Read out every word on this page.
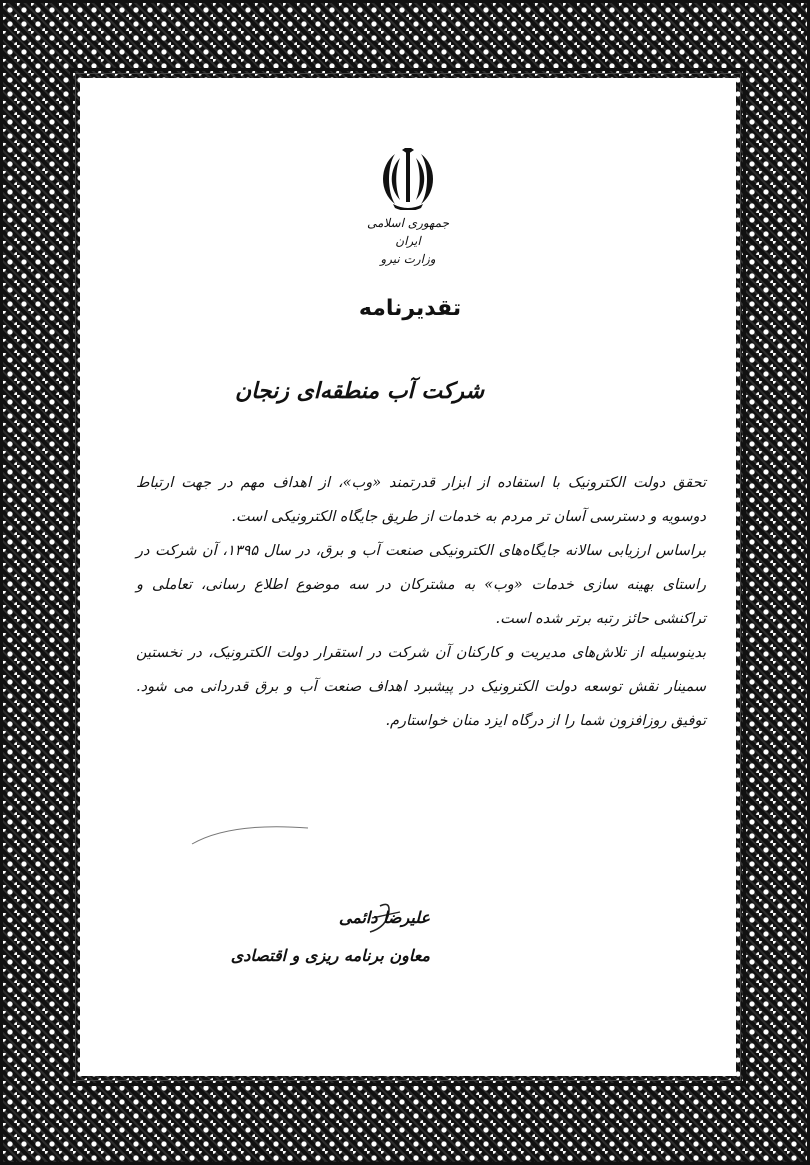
جمهوری اسلامی ایران
وزارت نیرو
تقدیرنامه
شرکت آب منطقه‌ای زنجان

تحقق دولت الکترونیک با استفاده از ابزار قدرتمند «وب»، از اهداف مهم در جهت ارتباط دوسویه و دسترسی آسان تر مردم به خدمات از طریق جایگاه الکترونیکی است.

براساس ارزیابی سالانه جایگاه‌های الکترونیکی صنعت آب و برق، در سال ۱۳۹۵، آن شرکت در راستای بهینه سازی خدمات «وب» به مشترکان در سه موضوع اطلاع رسانی، تعاملی و تراکنشی حائز رتبه برتر شده است.

بدینوسیله از تلاش‌های مدیریت و کارکنان آن شرکت در استقرار دولت الکترونیک، در نخستین سمینار نقش توسعه دولت الکترونیک در پیشبرد اهداف صنعت آب و برق قدردانی می شود. توفیق روزافزون شما را از درگاه ایزد منان خواستارم.

علیرضا دائمی
معاون برنامه ریزی و اقتصادی
